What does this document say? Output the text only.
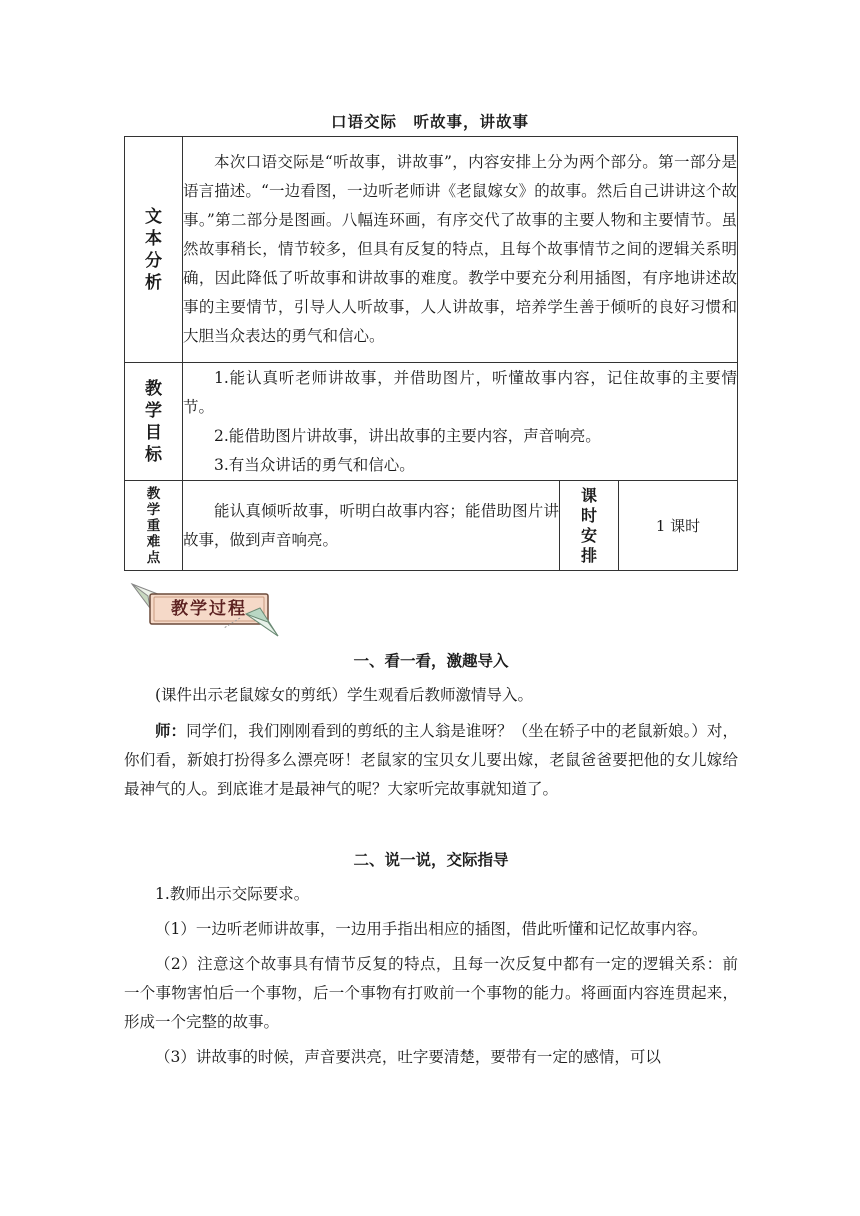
口语交际　听故事，讲故事
文本分析	本次口语交际是“听故事，讲故事”，内容安排上分为两个部分。第一部分是语言描述。“一边看图，一边听老师讲《老鼠嫁女》的故事。然后自己讲讲这个故事。”第二部分是图画。八幅连环画，有序交代了故事的主要人物和主要情节。虽然故事稍长，情节较多，但具有反复的特点，且每个故事情节之间的逻辑关系明确，因此降低了听故事和讲故事的难度。教学中要充分利用插图，有序地讲述故事的主要情节，引导人人听故事，人人讲故事，培养学生善于倾听的良好习惯和大胆当众表达的勇气和信心。		

教学目标	1.能认真听老师讲故事，并借助图片，听懂故事内容，记住故事的主要情节。

2.能借助图片讲故事，讲出故事的主要内容，声音响亮。

3.有当众讲话的勇气和信心。		

教学重难点	能认真倾听故事，听明白故事内容；能借助图片讲故事，做到声音响亮。	课时安排	1 课时
教学过程

一、看一看，激趣导入

(课件出示老鼠嫁女的剪纸）学生观看后教师激情导入。

师：同学们，我们刚刚看到的剪纸的主人翁是谁呀？（坐在轿子中的老鼠新娘。）对，你们看，新娘打扮得多么漂亮呀！老鼠家的宝贝女儿要出嫁，老鼠爸爸要把他的女儿嫁给最神气的人。到底谁才是最神气的呢？大家听完故事就知道了。

二、说一说，交际指导

1.教师出示交际要求。

（1）一边听老师讲故事，一边用手指出相应的插图，借此听懂和记忆故事内容。

（2）注意这个故事具有情节反复的特点，且每一次反复中都有一定的逻辑关系：前一个事物害怕后一个事物，后一个事物有打败前一个事物的能力。将画面内容连贯起来，形成一个完整的故事。

（3）讲故事的时候，声音要洪亮，吐字要清楚，要带有一定的感情，可以
